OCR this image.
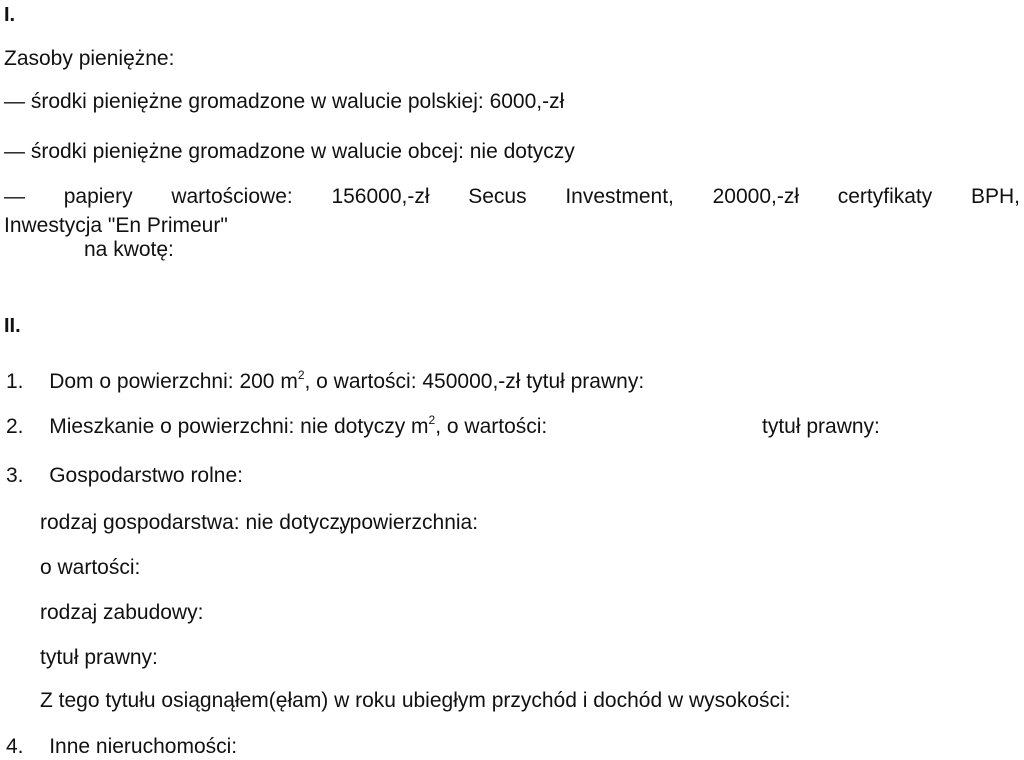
I.
Zasoby pieniężne:
— środki pieniężne gromadzone w walucie polskiej: 6000,-zł
— środki pieniężne gromadzone w walucie obcej: nie dotyczy
— papiery wartościowe: 156000,-zł Secus Investment, 20000,-zł certyfikaty BPH,
Inwestycja "En Primeur"
na kwotę:
II.
1. Dom o powierzchni: 200 $m^2$, o wartości: 450000,-zł tytuł prawny:
2. Mieszkanie o powierzchni: nie dotyczy $m^2$, o wartości:	tytuł prawny:
3. Gospodarstwo rolne:
rodzaj gospodarstwa: nie dotyczy
, powierzchnia:
o wartości:
rodzaj zabudowy:
tytuł prawny:
Z tego tytułu osiągnąłem(ęłam) w roku ubiegłym przychód i dochód w wysokości:
4. Inne nieruchomości:
